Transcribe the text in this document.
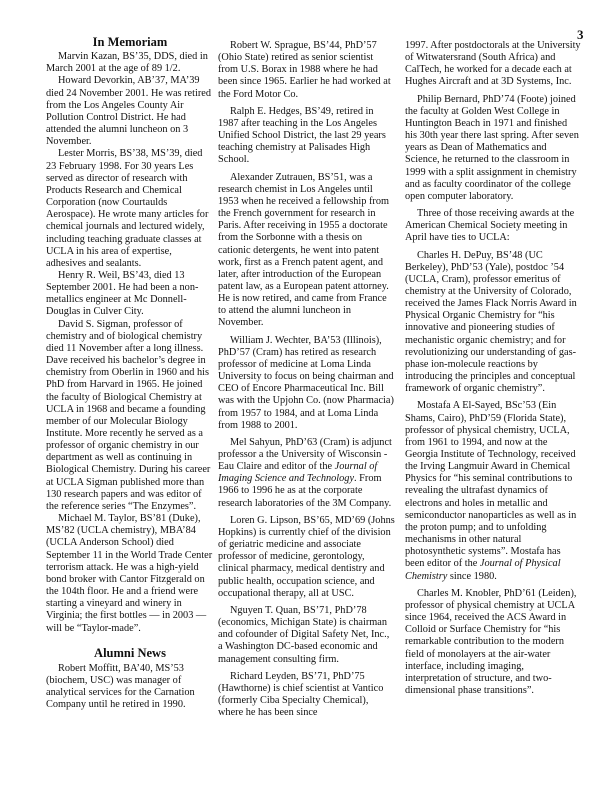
3
In Memoriam

Marvin Kazan, BS’35, DDS, died in March 2001 at the age of 89 1/2.

Howard Devorkin, AB’37, MA’39 died 24 November 2001. He was retired from the Los Angeles County Air Pollution Control District. He had attended the alumni luncheon on 3 November.

Lester Morris, BS’38, MS’39, died 23 February 1998. For 30 years Les served as director of research with Products Research and Chemical Corporation (now Courtaulds Aerospace). He wrote many articles for chemical journals and lectured widely, including teaching graduate classes at UCLA in his area of expertise, adhesives and sealants.

Henry R. Weil, BS’43, died 13 September 2001. He had been a non-metallics engineer at Mc Donnell-Douglas in Culver City.

David S. Sigman, professor of chemistry and of biological chemistry died 11 November after a long illness. Dave received his bachelor’s degree in chemistry from Oberlin in 1960 and his PhD from Harvard in 1965. He joined the faculty of Biological Chemistry at UCLA in 1968 and became a founding member of our Molecular Biology Institute. More recently he served as a professor of organic chemistry in our department as well as continuing in Biological Chemistry. During his career at UCLA Sigman published more than 130 research papers and was editor of the reference series “The Enzymes”.

Michael M. Taylor, BS’81 (Duke), MS’82 (UCLA chemistry), MBA’84 (UCLA Anderson School) died September 11 in the World Trade Center terrorism attack. He was a high-yield bond broker with Cantor Fitzgerald on the 104th floor. He and a friend were starting a vineyard and winery in Virginia; the first bottles — in 2003 — will be “Taylor-made”.

Alumni News

Robert Moffitt, BA’40, MS’53 (biochem, USC) was manager of analytical services for the Carnation Company until he retired in 1990.

Robert W. Sprague, BS’44, PhD’57 (Ohio State) retired as senior scientist from U.S. Borax in 1988 where he had been since 1965. Earlier he had worked at the Ford Motor Co.

Ralph E. Hedges, BS’49, retired in 1987 after teaching in the Los Angeles Unified School District, the last 29 years teaching chemistry at Palisades High School.

Alexander Zutrauen, BS’51, was a research chemist in Los Angeles until 1953 when he received a fellowship from the French government for research in Paris. After receiving in 1955 a doctorate from the Sorbonne with a thesis on cationic detergents, he went into patent work, first as a French patent agent, and later, after introduction of the European patent law, as a European patent attorney. He is now retired, and came from France to attend the alumni luncheon in November.

William J. Wechter, BA’53 (Illinois), PhD’57 (Cram) has retired as research professor of medicine at Loma Linda University to focus on being chairman and CEO of Encore Pharmaceutical Inc. Bill was with the Upjohn Co. (now Pharmacia) from 1957 to 1984, and at Loma Linda from 1988 to 2001.

Mel Sahyun, PhD’63 (Cram) is adjunct professor a the University of Wisconsin - Eau Claire and editor of the Journal of Imaging Science and Technology. From 1966 to 1996 he as at the corporate research laboratories of the 3M Company.

Loren G. Lipson, BS’65, MD’69 (Johns Hopkins) is currently chief of the division of geriatric medicine and associate professor of medicine, gerontology, clinical pharmacy, medical dentistry and public health, occupation science, and occupational therapy, all at USC.

Nguyen T. Quan, BS’71, PhD’78 (economics, Michigan State) is chairman and cofounder of Digital Safety Net, Inc., a Washington DC-based economic and management consulting firm.

Richard Leyden, BS’71, PhD’75 (Hawthorne) is chief scientist at Vantico (formerly Ciba Specialty Chemical), where he has been since

1997. After postdoctorals at the University of Witwatersrand (South Africa) and CalTech, he worked for a decade each at Hughes Aircraft and at 3D Systems, Inc.

Philip Bernard, PhD’74 (Foote) joined the faculty at Golden West College in Huntington Beach in 1971 and finished his 30th year there last spring. After seven years as Dean of Mathematics and Science, he returned to the classroom in 1999 with a split assignment in chemistry and as faculty coordinator of the college open computer laboratory.

Three of those receiving awards at the American Chemical Society meeting in April have ties to UCLA:

Charles H. DePuy, BS’48 (UC Berkeley), PhD’53 (Yale), postdoc ’54 (UCLA, Cram), professor emeritus of chemistry at the University of Colorado, received the James Flack Norris Award in Physical Organic Chemistry for “his innovative and pioneering studies of mechanistic organic chemistry; and for revolutionizing our understanding of gas-phase ion-molecule reactions by introducing the principles and conceptual framework of organic chemistry”.

Mostafa A El-Sayed, BSc’53 (Ein Shams, Cairo), PhD’59 (Florida State), professor of physical chemistry, UCLA, from 1961 to 1994, and now at the Georgia Institute of Technology, received the Irving Langmuir Award in Chemical Physics for “his seminal contributions to revealing the ultrafast dynamics of electrons and holes in metallic and semiconductor nanoparticles as well as in the proton pump; and to unfolding mechanisms in other natural photosynthetic systems”. Mostafa has been editor of the Journal of Physical Chemistry since 1980.

Charles M. Knobler, PhD’61 (Leiden), professor of physical chemistry at UCLA since 1964, received the ACS Award in Colloid or Surface Chemistry for “his remarkable contribution to the modern field of monolayers at the air-water interface, including imaging, interpretation of structure, and two-dimensional phase transitions”.
